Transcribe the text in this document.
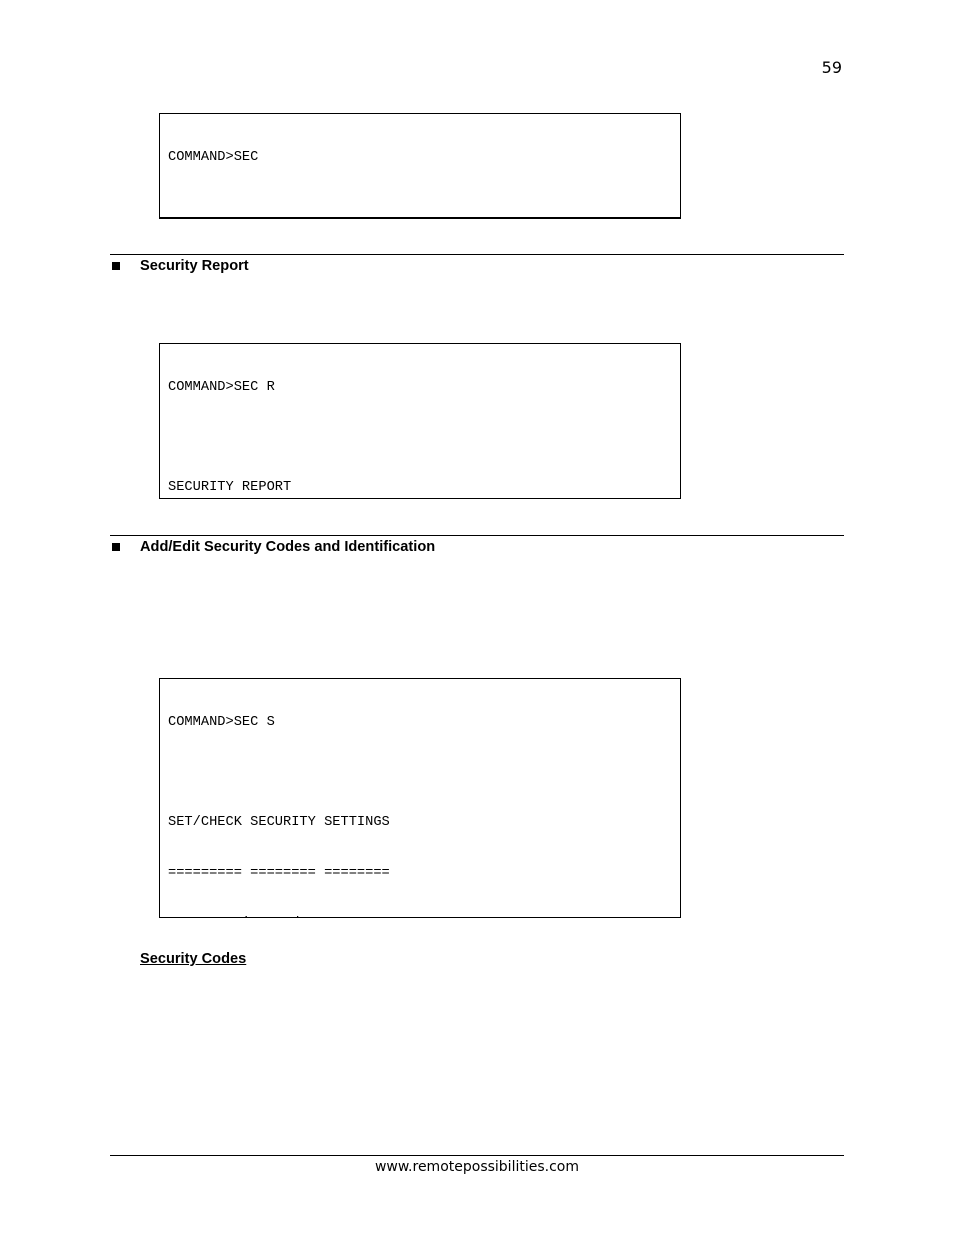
59

COMMAND>SEC

Security Report

COMMAND>SEC R

SECURITY REPORT

Add/Edit Security Codes and Identification

COMMAND>SEC S

SET/CHECK SECURITY SETTINGS

========= ======== ========

Security Codes
www.remotepossibilities.com
